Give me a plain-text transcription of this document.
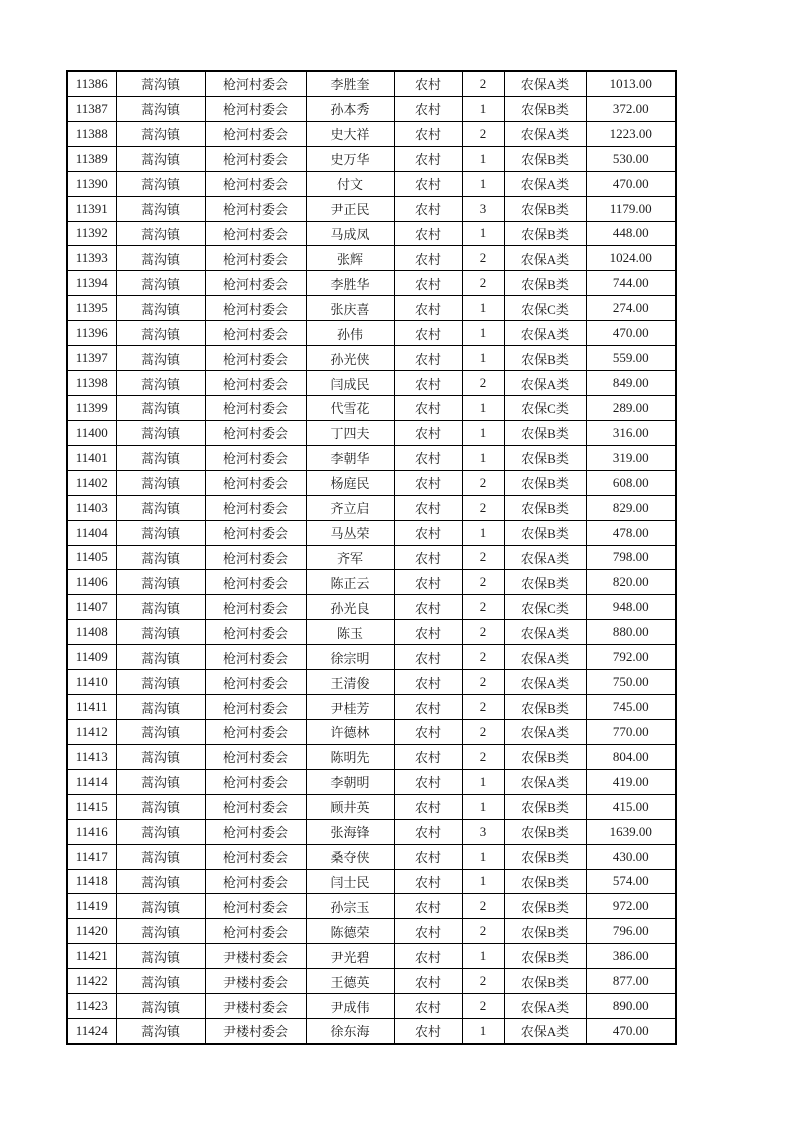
11386	蒿沟镇	枪河村委会	李胜奎	农村	2	农保A类	1013.00
11387	蒿沟镇	枪河村委会	孙本秀	农村	1	农保B类	372.00
11388	蒿沟镇	枪河村委会	史大祥	农村	2	农保A类	1223.00
11389	蒿沟镇	枪河村委会	史万华	农村	1	农保B类	530.00
11390	蒿沟镇	枪河村委会	付文	农村	1	农保A类	470.00
11391	蒿沟镇	枪河村委会	尹正民	农村	3	农保B类	1179.00
11392	蒿沟镇	枪河村委会	马成凤	农村	1	农保B类	448.00
11393	蒿沟镇	枪河村委会	张辉	农村	2	农保A类	1024.00
11394	蒿沟镇	枪河村委会	李胜华	农村	2	农保B类	744.00
11395	蒿沟镇	枪河村委会	张庆喜	农村	1	农保C类	274.00
11396	蒿沟镇	枪河村委会	孙伟	农村	1	农保A类	470.00
11397	蒿沟镇	枪河村委会	孙光侠	农村	1	农保B类	559.00
11398	蒿沟镇	枪河村委会	闫成民	农村	2	农保A类	849.00
11399	蒿沟镇	枪河村委会	代雪花	农村	1	农保C类	289.00
11400	蒿沟镇	枪河村委会	丁四夫	农村	1	农保B类	316.00
11401	蒿沟镇	枪河村委会	李朝华	农村	1	农保B类	319.00
11402	蒿沟镇	枪河村委会	杨庭民	农村	2	农保B类	608.00
11403	蒿沟镇	枪河村委会	齐立启	农村	2	农保B类	829.00
11404	蒿沟镇	枪河村委会	马丛荣	农村	1	农保B类	478.00
11405	蒿沟镇	枪河村委会	齐军	农村	2	农保A类	798.00
11406	蒿沟镇	枪河村委会	陈正云	农村	2	农保B类	820.00
11407	蒿沟镇	枪河村委会	孙光良	农村	2	农保C类	948.00
11408	蒿沟镇	枪河村委会	陈玉	农村	2	农保A类	880.00
11409	蒿沟镇	枪河村委会	徐宗明	农村	2	农保A类	792.00
11410	蒿沟镇	枪河村委会	王清俊	农村	2	农保A类	750.00
11411	蒿沟镇	枪河村委会	尹桂芳	农村	2	农保B类	745.00
11412	蒿沟镇	枪河村委会	许德林	农村	2	农保A类	770.00
11413	蒿沟镇	枪河村委会	陈明先	农村	2	农保B类	804.00
11414	蒿沟镇	枪河村委会	李朝明	农村	1	农保A类	419.00
11415	蒿沟镇	枪河村委会	顾井英	农村	1	农保B类	415.00
11416	蒿沟镇	枪河村委会	张海锋	农村	3	农保B类	1639.00
11417	蒿沟镇	枪河村委会	桑夺侠	农村	1	农保B类	430.00
11418	蒿沟镇	枪河村委会	闫士民	农村	1	农保B类	574.00
11419	蒿沟镇	枪河村委会	孙宗玉	农村	2	农保B类	972.00
11420	蒿沟镇	枪河村委会	陈德荣	农村	2	农保B类	796.00
11421	蒿沟镇	尹楼村委会	尹光碧	农村	1	农保B类	386.00
11422	蒿沟镇	尹楼村委会	王德英	农村	2	农保B类	877.00
11423	蒿沟镇	尹楼村委会	尹成伟	农村	2	农保A类	890.00
11424	蒿沟镇	尹楼村委会	徐东海	农村	1	农保A类	470.00
